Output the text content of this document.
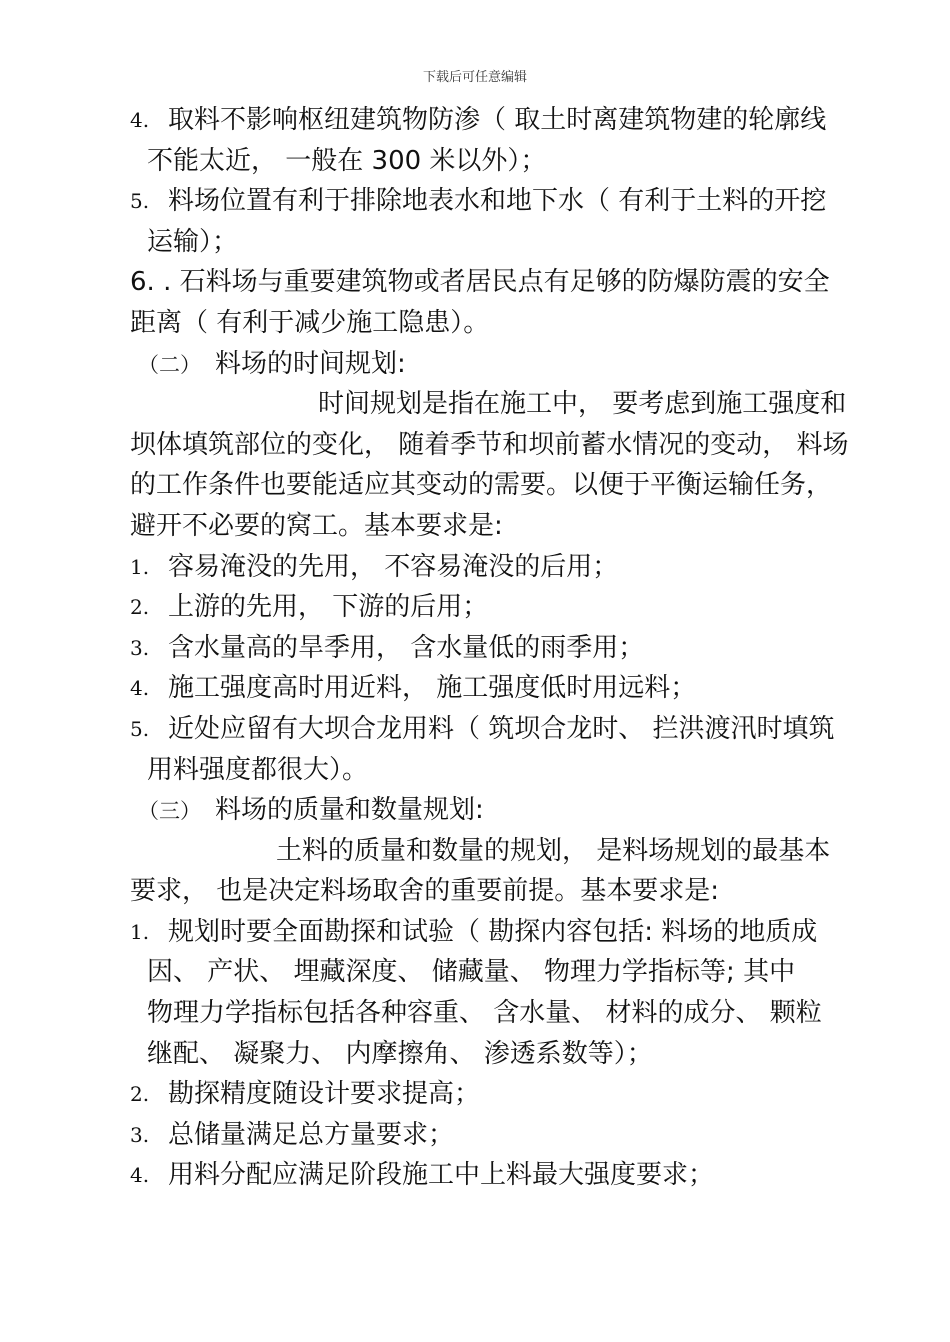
下载后可任意编辑
4. 取料不影响枢纽建筑物防渗（ 取土时离建筑物建的轮廓线
不能太近， 一般在 300 米以外）；
5. 料场位置有利于排除地表水和地下水（ 有利于土料的开挖
运输）；
6. . 石料场与重要建筑物或者居民点有足够的防爆防震的安全
距离（ 有利于减少施工隐患）。
（二） 料场的时间规划:
时间规划是指在施工中， 要考虑到施工强度和
坝体填筑部位的变化， 随着季节和坝前蓄水情况的变动， 料场
的工作条件也要能适应其变动的需要。以便于平衡运输任务，
避开不必要的窝工。基本要求是:
1. 容易淹没的先用， 不容易淹没的后用；
2. 上游的先用， 下游的后用；
3. 含水量高的旱季用， 含水量低的雨季用；
4. 施工强度高时用近料， 施工强度低时用远料；
5. 近处应留有大坝合龙用料（ 筑坝合龙时、 拦洪渡汛时填筑
用料强度都很大）。
（三） 料场的质量和数量规划:
土料的质量和数量的规划， 是料场规划的最基本
要求， 也是决定料场取舍的重要前提。基本要求是:
1. 规划时要全面勘探和试验（ 勘探内容包括: 料场的地质成
因、 产状、 埋藏深度、 储藏量、 物理力学指标等; 其中
物理力学指标包括各种容重、 含水量、 材料的成分、 颗粒
继配、 凝聚力、 内摩擦角、 渗透系数等）；
2. 勘探精度随设计要求提高；
3. 总储量满足总方量要求；
4. 用料分配应满足阶段施工中上料最大强度要求；
